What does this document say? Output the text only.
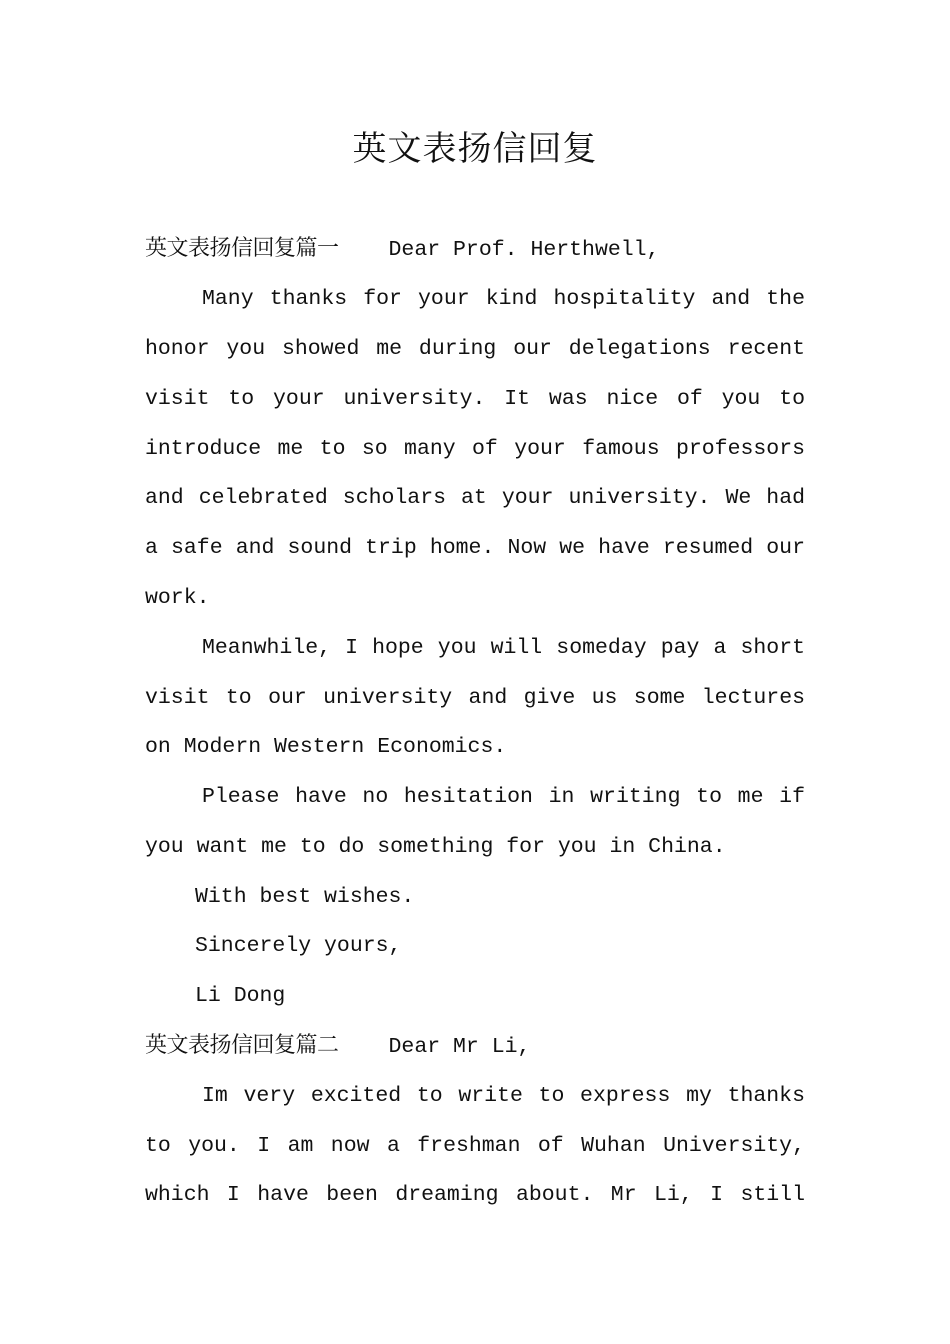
英文表扬信回复
英文表扬信回复篇一 Dear Prof. Herthwell,
Many thanks for your kind hospitality and the
honor you showed me during our delegations recent
visit to your university. It was nice of you to
introduce me to so many of your famous professors
and celebrated scholars at your university. We had
a safe and sound trip home. Now we have resumed our
work.
Meanwhile, I hope you will someday pay a short
visit to our university and give us some lectures
on Modern Western Economics.
Please have no hesitation in writing to me if
you want me to do something for you in China.
With best wishes.
Sincerely yours,
Li Dong
英文表扬信回复篇二 Dear Mr Li,
Im very excited to write to express my thanks
to you. I am now a freshman of Wuhan University,
which I have been dreaming about. Mr Li, I still
